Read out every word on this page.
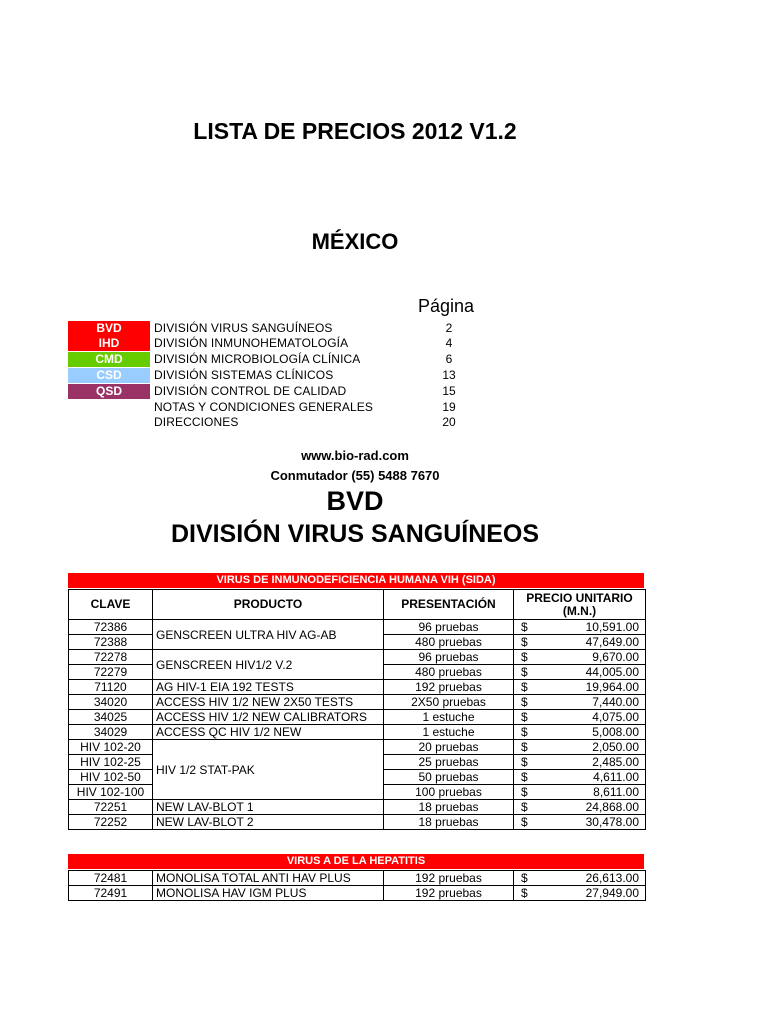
LISTA DE PRECIOS 2012 V1.2
MÉXICO
Página
BVD	DIVISIÓN VIRUS SANGUÍNEOS	2
IHD	DIVISIÓN INMUNOHEMATOLOGÍA	4
CMD	DIVISIÓN MICROBIOLOGÍA CLÍNICA	6
CSD	DIVISIÓN SISTEMAS CLÍNICOS	13
QSD	DIVISIÓN CONTROL DE CALIDAD	15
NOTAS Y CONDICIONES GENERALES	19
DIRECCIONES	20
www.bio-rad.com
Conmutador (55) 5488 7670
BVD
DIVISIÓN VIRUS SANGUÍNEOS
VIRUS DE INMUNODEFICIENCIA HUMANA VIH (SIDA)
CLAVE	PRODUCTO	PRESENTACIÓN	PRECIO UNITARIO (M.N.)
72386	GENSCREEN ULTRA HIV AG-AB	96 pruebas	$ 10,591.00

72388		480 pruebas	$ 47,649.00

72278	GENSCREEN HIV1/2 V.2	96 pruebas	$ 9,670.00

72279		480 pruebas	$ 44,005.00

71120	AG HIV-1 EIA 192 TESTS	192 pruebas	$ 19,964.00

34020	ACCESS HIV 1/2 NEW 2X50 TESTS	2X50 pruebas	$ 7,440.00

34025	ACCESS HIV 1/2 NEW CALIBRATORS	1 estuche	$ 4,075.00

34029	ACCESS QC HIV 1/2 NEW	1 estuche	$ 5,008.00

HIV 102-20	HIV 1/2 STAT-PAK	20 pruebas	$ 2,050.00

HIV 102-25		25 pruebas	$ 2,485.00

HIV 102-50		50 pruebas	$ 4,611.00

HIV 102-100		100 pruebas	$ 8,611.00

72251	NEW LAV-BLOT 1	18 pruebas	$ 24,868.00

72252	NEW LAV-BLOT 2	18 pruebas	$ 30,478.00
VIRUS A DE LA HEPATITIS
72481	MONOLISA TOTAL ANTI HAV PLUS	192 pruebas	$ 26,613.00

72491	MONOLISA HAV IGM PLUS	192 pruebas	$ 27,949.00
